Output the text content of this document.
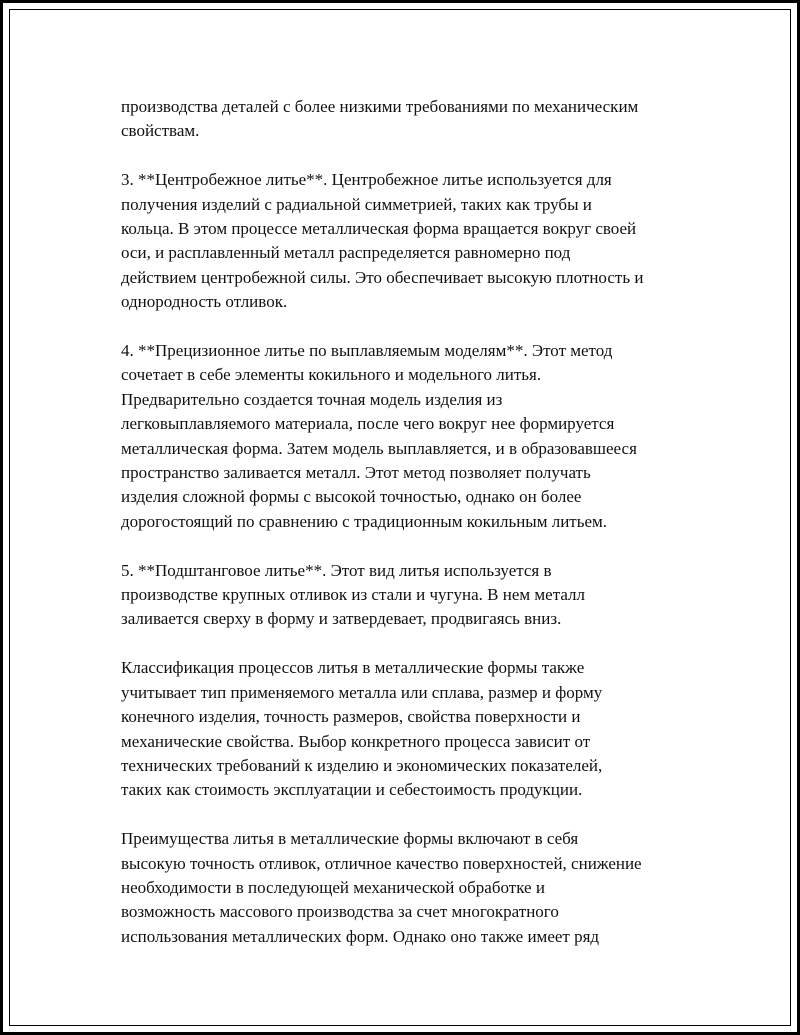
производства деталей с более низкими требованиями по механическим
свойствам.

3. **Центробежное литье**. Центробежное литье используется для
получения изделий с радиальной симметрией, таких как трубы и
кольца. В этом процессе металлическая форма вращается вокруг своей
оси, и расплавленный металл распределяется равномерно под
действием центробежной силы. Это обеспечивает высокую плотность и
однородность отливок.

4. **Прецизионное литье по выплавляемым моделям**. Этот метод
сочетает в себе элементы кокильного и модельного литья.
Предварительно создается точная модель изделия из
легковыплавляемого материала, после чего вокруг нее формируется
металлическая форма. Затем модель выплавляется, и в образовавшееся
пространство заливается металл. Этот метод позволяет получать
изделия сложной формы с высокой точностью, однако он более
дорогостоящий по сравнению с традиционным кокильным литьем.

5. **Подштанговое литье**. Этот вид литья используется в
производстве крупных отливок из стали и чугуна. В нем металл
заливается сверху в форму и затвердевает, продвигаясь вниз.

Классификация процессов литья в металлические формы также
учитывает тип применяемого металла или сплава, размер и форму
конечного изделия, точность размеров, свойства поверхности и
механические свойства. Выбор конкретного процесса зависит от
технических требований к изделию и экономических показателей,
таких как стоимость эксплуатации и себестоимость продукции.

Преимущества литья в металлические формы включают в себя
высокую точность отливок, отличное качество поверхностей, снижение
необходимости в последующей механической обработке и
возможность массового производства за счет многократного
использования металлических форм. Однако оно также имеет ряд
